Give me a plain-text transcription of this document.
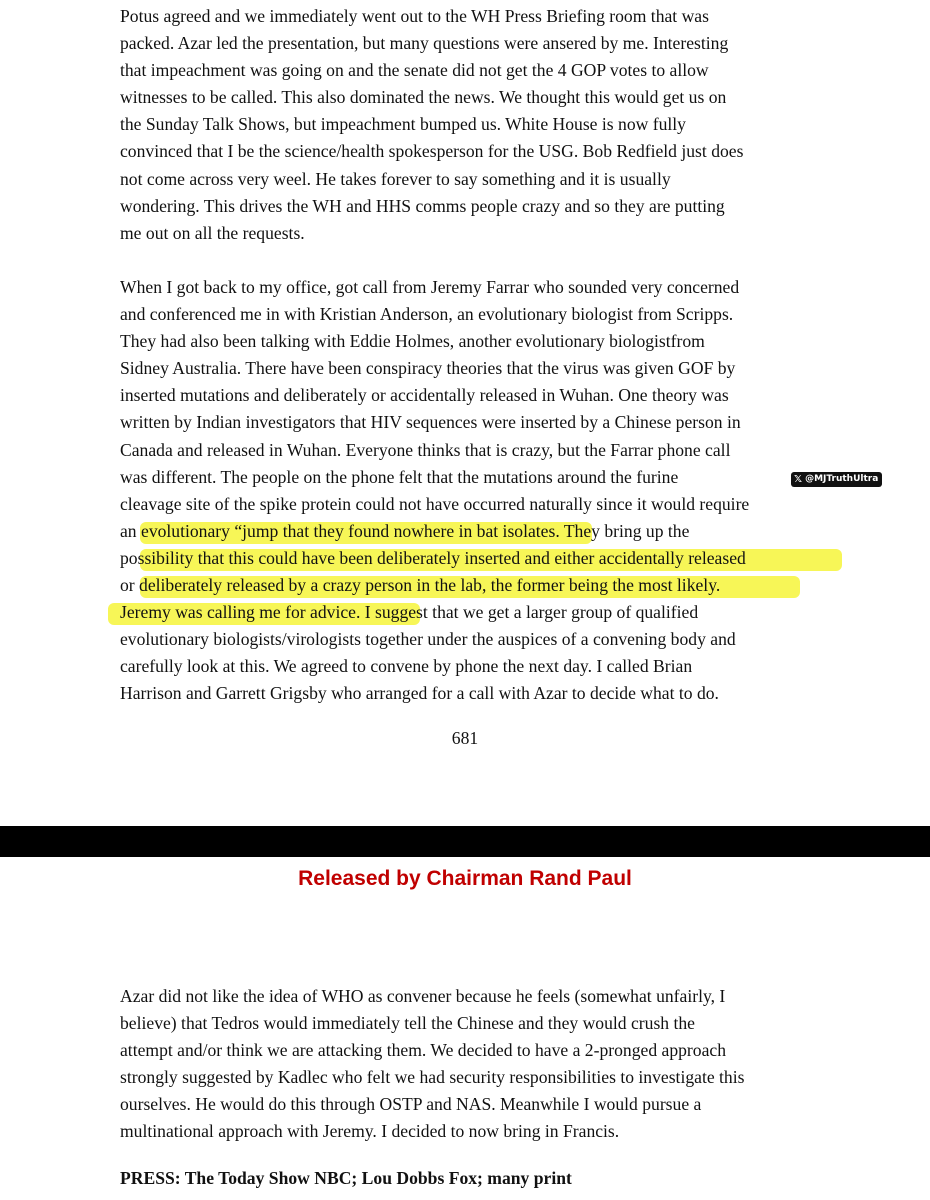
Potus agreed and we immediately went out to the WH Press Briefing room that was
packed. Azar led the presentation, but many questions were ansered by me. Interesting
that impeachment was going on and the senate did not get the 4 GOP votes to allow
witnesses to be called. This also dominated the news. We thought this would get us on
the Sunday Talk Shows, but impeachment bumped us. White House is now fully
convinced that I be the science/health spokesperson for the USG. Bob Redfield just does
not come across very weel. He takes forever to say something and it is usually
wondering. This drives the WH and HHS comms people crazy and so they are putting
me out on all the requests.
When I got back to my office, got call from Jeremy Farrar who sounded very concerned
and conferenced me in with Kristian Anderson, an evolutionary biologist from Scripps.
They had also been talking with Eddie Holmes, another evolutionary biologistfrom
Sidney Australia. There have been conspiracy theories that the virus was given GOF by
inserted mutations and deliberately or accidentally released in Wuhan. One theory was
written by Indian investigators that HIV sequences were inserted by a Chinese person in
Canada and released in Wuhan. Everyone thinks that is crazy, but the Farrar phone call
was different. The people on the phone felt that the mutations around the furine
cleavage site of the spike protein could not have occurred naturally since it would require
an evolutionary “jump that they found nowhere in bat isolates. They bring up the
possibility that this could have been deliberately inserted and either accidentally released
or deliberately released by a crazy person in the lab, the former being the most likely.
Jeremy was calling me for advice. I suggest that we get a larger group of qualified
evolutionary biologists/virologists together under the auspices of a convening body and
carefully look at this. We agreed to convene by phone the next day. I called Brian
Harrison and Garrett Grigsby who arranged for a call with Azar to decide what to do.
𝕏 @MJTruthUltra
681
Released by Chairman Rand Paul
Azar did not like the idea of WHO as convener because he feels (somewhat unfairly, I
believe) that Tedros would immediately tell the Chinese and they would crush the
attempt and/or think we are attacking them. We decided to have a 2-pronged approach
strongly suggested by Kadlec who felt we had security responsibilities to investigate this
ourselves. He would do this through OSTP and NAS. Meanwhile I would pursue a
multinational approach with Jeremy. I decided to now bring in Francis.
PRESS: The Today Show NBC; Lou Dobbs Fox; many print
